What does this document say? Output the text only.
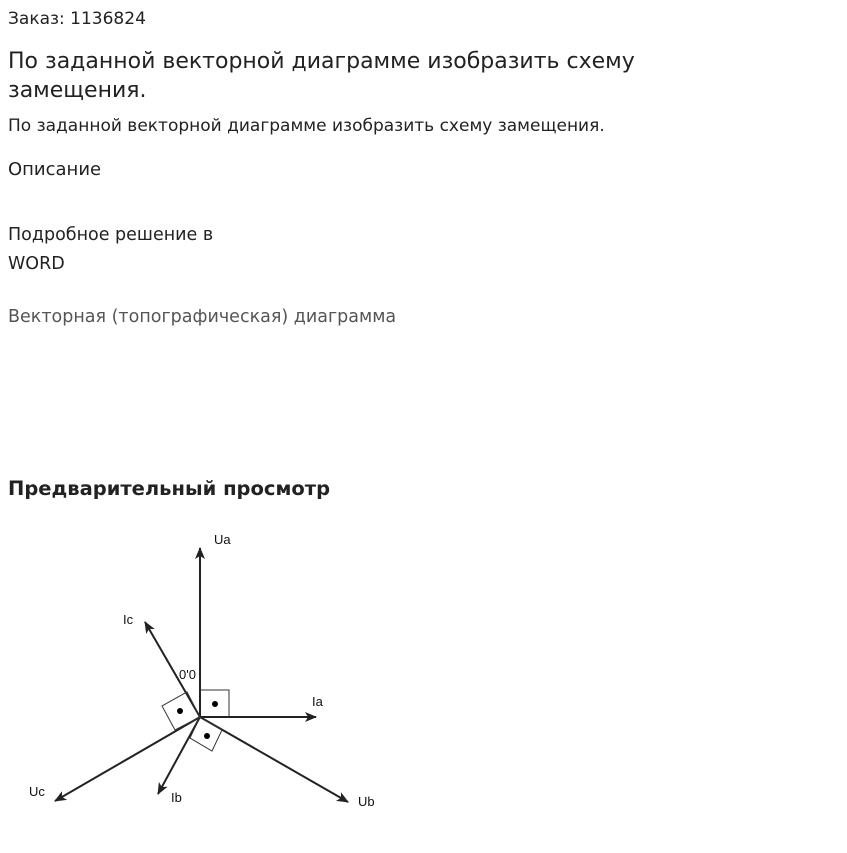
Заказ: 1136824
По заданной векторной диаграмме изобразить схему замещения.
По заданной векторной диаграмме изобразить схему замещения.
Описание
Подробное решение в WORD
Векторная (топографическая) диаграмма
Предварительный просмотр
Ua
Ic
0'0
Ia
Uc	Ib	Ub
